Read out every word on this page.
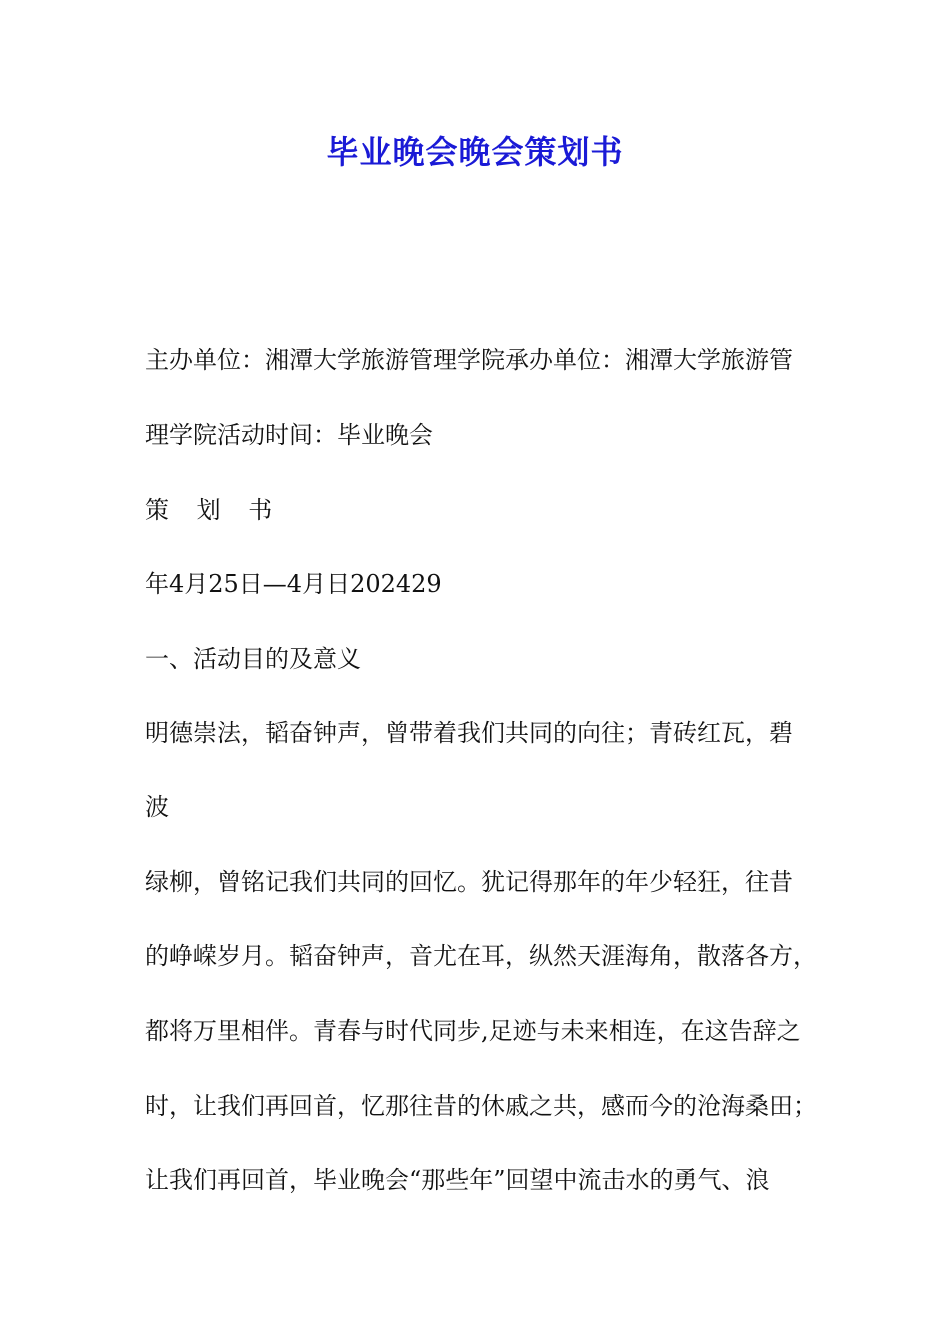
毕业晚会晚会策划书

主办单位：湘潭大学旅游管理学院承办单位：湘潭大学旅游管

理学院活动时间：毕业晚会

策 划 书

年4月25日—4月日202429

一、活动目的及意义

明德崇法，韬奋钟声，曾带着我们共同的向往；青砖红瓦，碧

波

绿柳，曾铭记我们共同的回忆。犹记得那年的年少轻狂，往昔

的峥嵘岁月。韬奋钟声，音尤在耳，纵然天涯海角，散落各方，

都将万里相伴。青春与时代同步,足迹与未来相连，在这告辞之

时，让我们再回首，忆那往昔的休戚之共，感而今的沧海桑田；

让我们再回首，毕业晚会“那些年”回望中流击水的勇气、浪
